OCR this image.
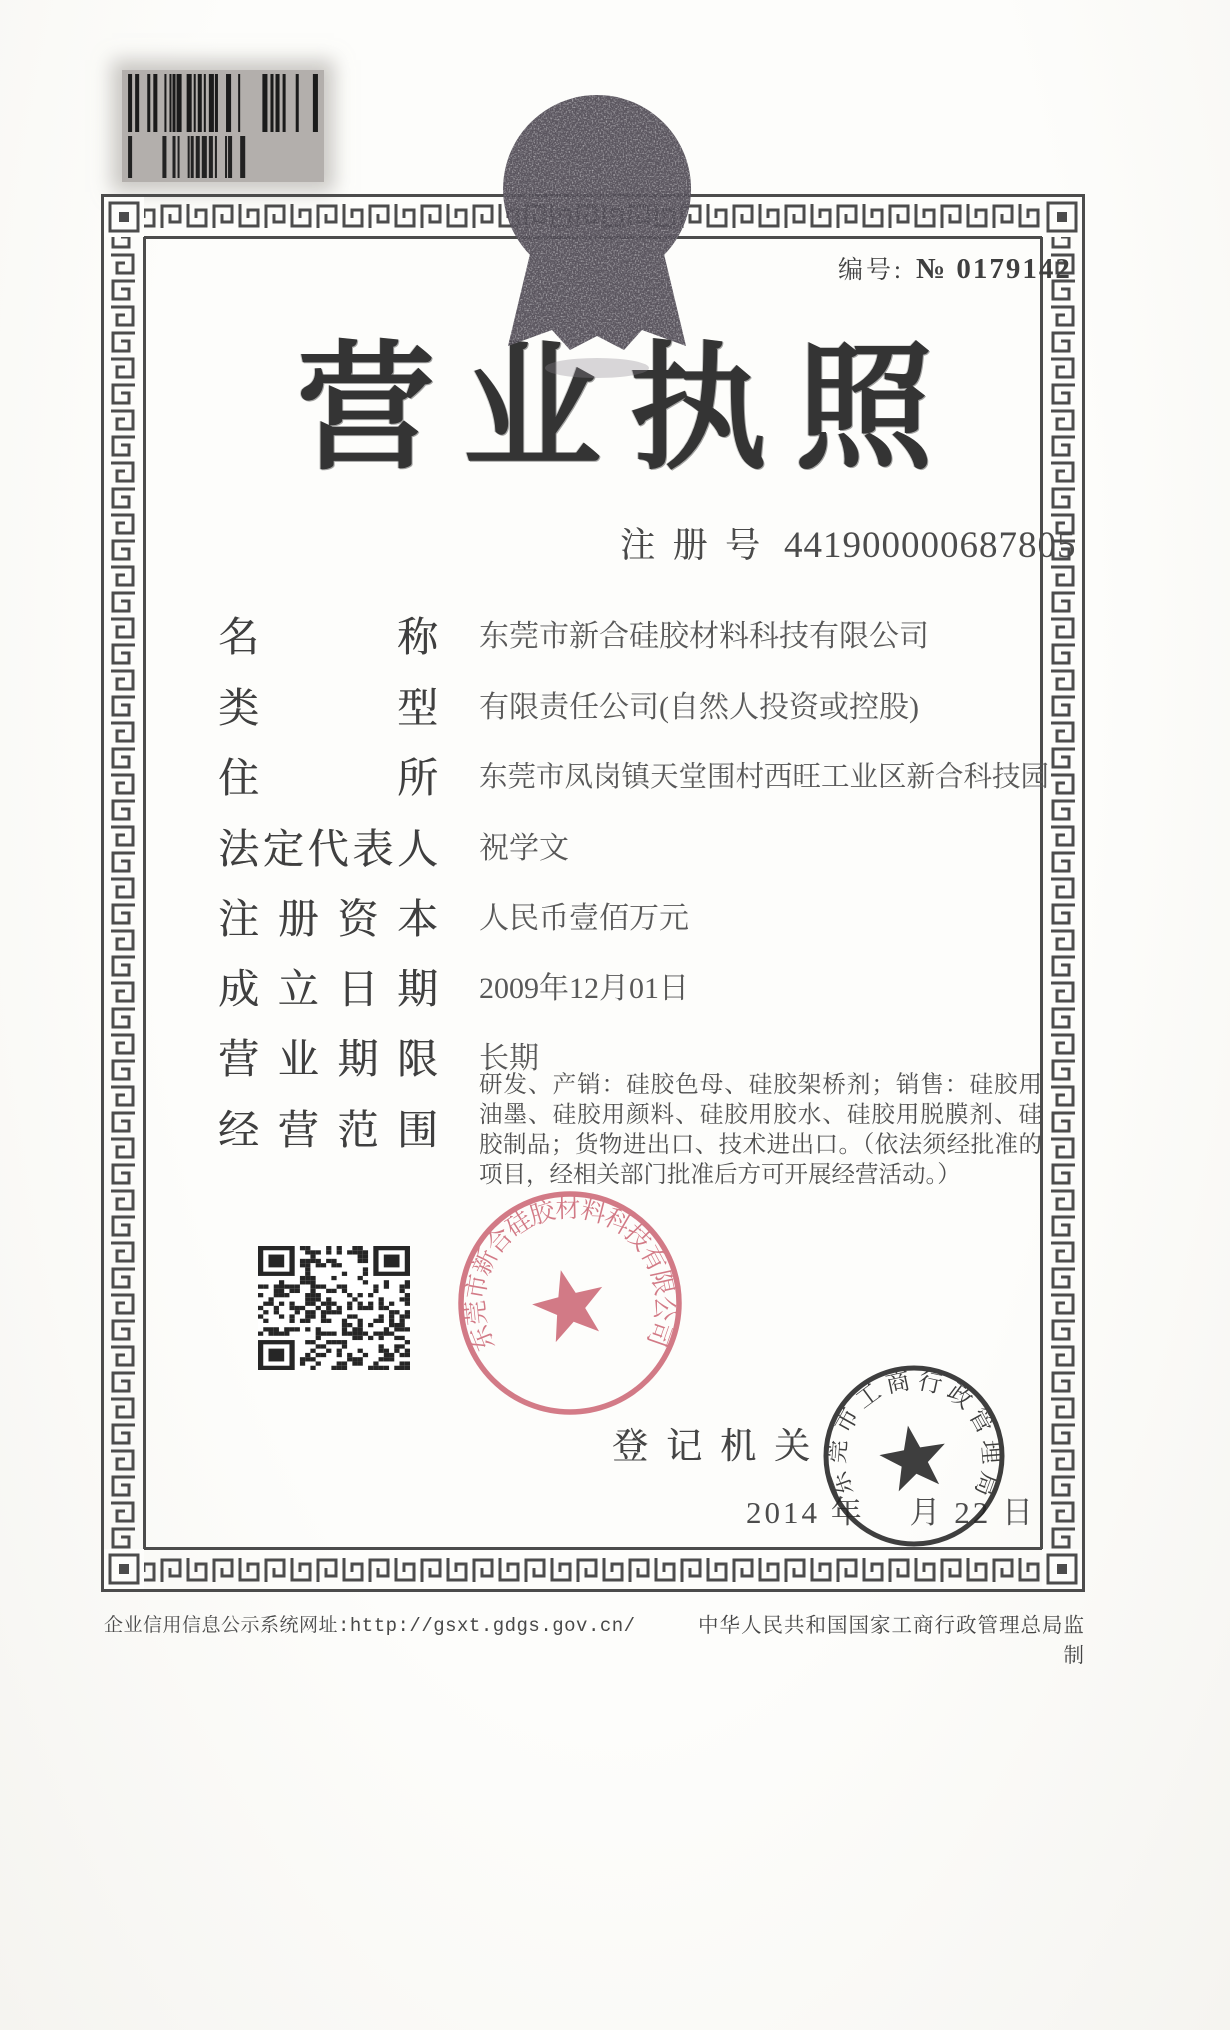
编号: № 0179142
营业执照
注 册 号 441900000687805
名	称 东莞市新合硅胶材料科技有限公司
类	型 有限责任公司(自然人投资或控股)
住	所 东莞市凤岗镇天堂围村西旺工业区新合科技园
法 定 代 表 人 祝学文
注 册 资 本 人民币壹佰万元
成 立 日 期 2009年12月01日
营 业 期 限 长期
经 营 范 围
研发、产销：硅胶色母、硅胶架桥剂；销售：硅胶用油墨、硅胶用颜料、硅胶用胶水、硅胶用脱膜剂、硅胶制品；货物进出口、技术进出口。（依法须经批准的项目，经相关部门批准后方可开展经营活动。）
东莞市新合硅胶材料科技有限公司
登 记 机 关
2014 年　 月 22 日
东莞市工商行政管理局
企业信用信息公示系统网址:http://gsxt.gdgs.gov.cn/	中华人民共和国国家工商行政管理总局监制
